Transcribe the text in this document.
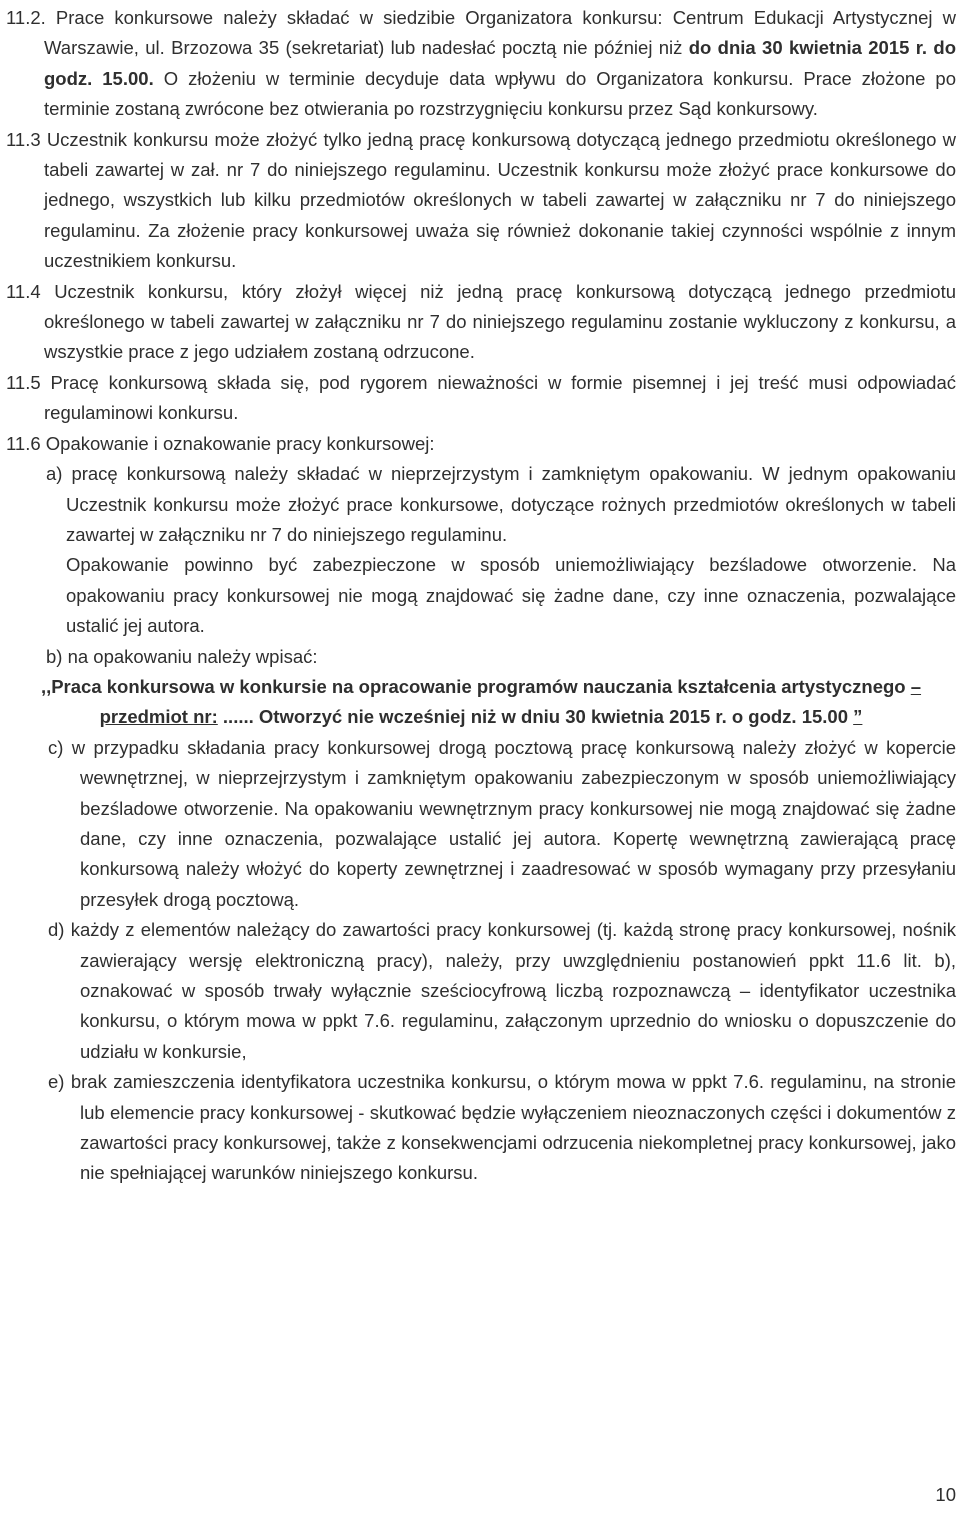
11.2. Prace konkursowe należy składać w siedzibie Organizatora konkursu: Centrum Edukacji Artystycznej w Warszawie, ul. Brzozowa 35 (sekretariat) lub nadesłać pocztą nie później niż do dnia 30 kwietnia 2015 r. do godz. 15.00. O złożeniu w terminie decyduje data wpływu do Organizatora konkursu. Prace złożone po terminie zostaną zwrócone bez otwierania po rozstrzygnięciu konkursu przez Sąd konkursowy.

11.3 Uczestnik konkursu może złożyć tylko jedną pracę konkursową dotyczącą jednego przedmiotu określonego w tabeli zawartej w zał. nr 7 do niniejszego regulaminu. Uczestnik konkursu może złożyć prace konkursowe do jednego, wszystkich lub kilku przedmiotów określonych w tabeli zawartej w załączniku nr 7 do niniejszego regulaminu. Za złożenie pracy konkursowej uważa się również dokonanie takiej czynności wspólnie z innym uczestnikiem konkursu.

11.4 Uczestnik konkursu, który złożył więcej niż jedną pracę konkursową dotyczącą jednego przedmiotu określonego w tabeli zawartej w załączniku nr 7 do niniejszego regulaminu zostanie wykluczony z konkursu, a wszystkie prace z jego udziałem zostaną odrzucone.

11.5 Pracę konkursową składa się, pod rygorem nieważności w formie pisemnej i jej treść musi odpowiadać regulaminowi konkursu.

11.6 Opakowanie i oznakowanie pracy konkursowej:

a) pracę konkursową należy składać w nieprzejrzystym i zamkniętym opakowaniu. W jednym opakowaniu Uczestnik konkursu może złożyć prace konkursowe, dotyczące rożnych przedmiotów określonych w tabeli zawartej w załączniku nr 7 do niniejszego regulaminu.

Opakowanie powinno być zabezpieczone w sposób uniemożliwiający bezśladowe otworzenie. Na opakowaniu pracy konkursowej nie mogą znajdować się żadne dane, czy inne oznaczenia, pozwalające ustalić jej autora.

b) na opakowaniu należy wpisać:

,,Praca konkursowa w konkursie na opracowanie programów nauczania kształcenia artystycznego – przedmiot nr: ...... Otworzyć nie wcześniej niż w dniu 30 kwietnia 2015 r. o godz. 15.00 ”

c) w przypadku składania pracy konkursowej drogą pocztową pracę konkursową należy złożyć w kopercie wewnętrznej, w nieprzejrzystym i zamkniętym opakowaniu zabezpieczonym w sposób uniemożliwiający bezśladowe otworzenie. Na opakowaniu wewnętrznym pracy konkursowej nie mogą znajdować się żadne dane, czy inne oznaczenia, pozwalające ustalić jej autora. Kopertę wewnętrzną zawierającą pracę konkursową należy włożyć do koperty zewnętrznej i zaadresować w sposób wymagany przy przesyłaniu przesyłek drogą pocztową.

d) każdy z elementów należący do zawartości pracy konkursowej (tj. każdą stronę pracy konkursowej, nośnik zawierający wersję elektroniczną pracy), należy, przy uwzględnieniu postanowień ppkt 11.6 lit. b), oznakować w sposób trwały wyłącznie sześciocyfrową liczbą rozpoznawczą – identyfikator uczestnika konkursu, o którym mowa w ppkt 7.6. regulaminu, załączonym uprzednio do wniosku o dopuszczenie do udziału w konkursie,

e) brak zamieszczenia identyfikatora uczestnika konkursu, o którym mowa w ppkt 7.6. regulaminu, na stronie lub elemencie pracy konkursowej - skutkować będzie wyłączeniem nieoznaczonych części i dokumentów z zawartości pracy konkursowej, także z konsekwencjami odrzucenia niekompletnej pracy konkursowej, jako nie spełniającej warunków niniejszego konkursu.

10
